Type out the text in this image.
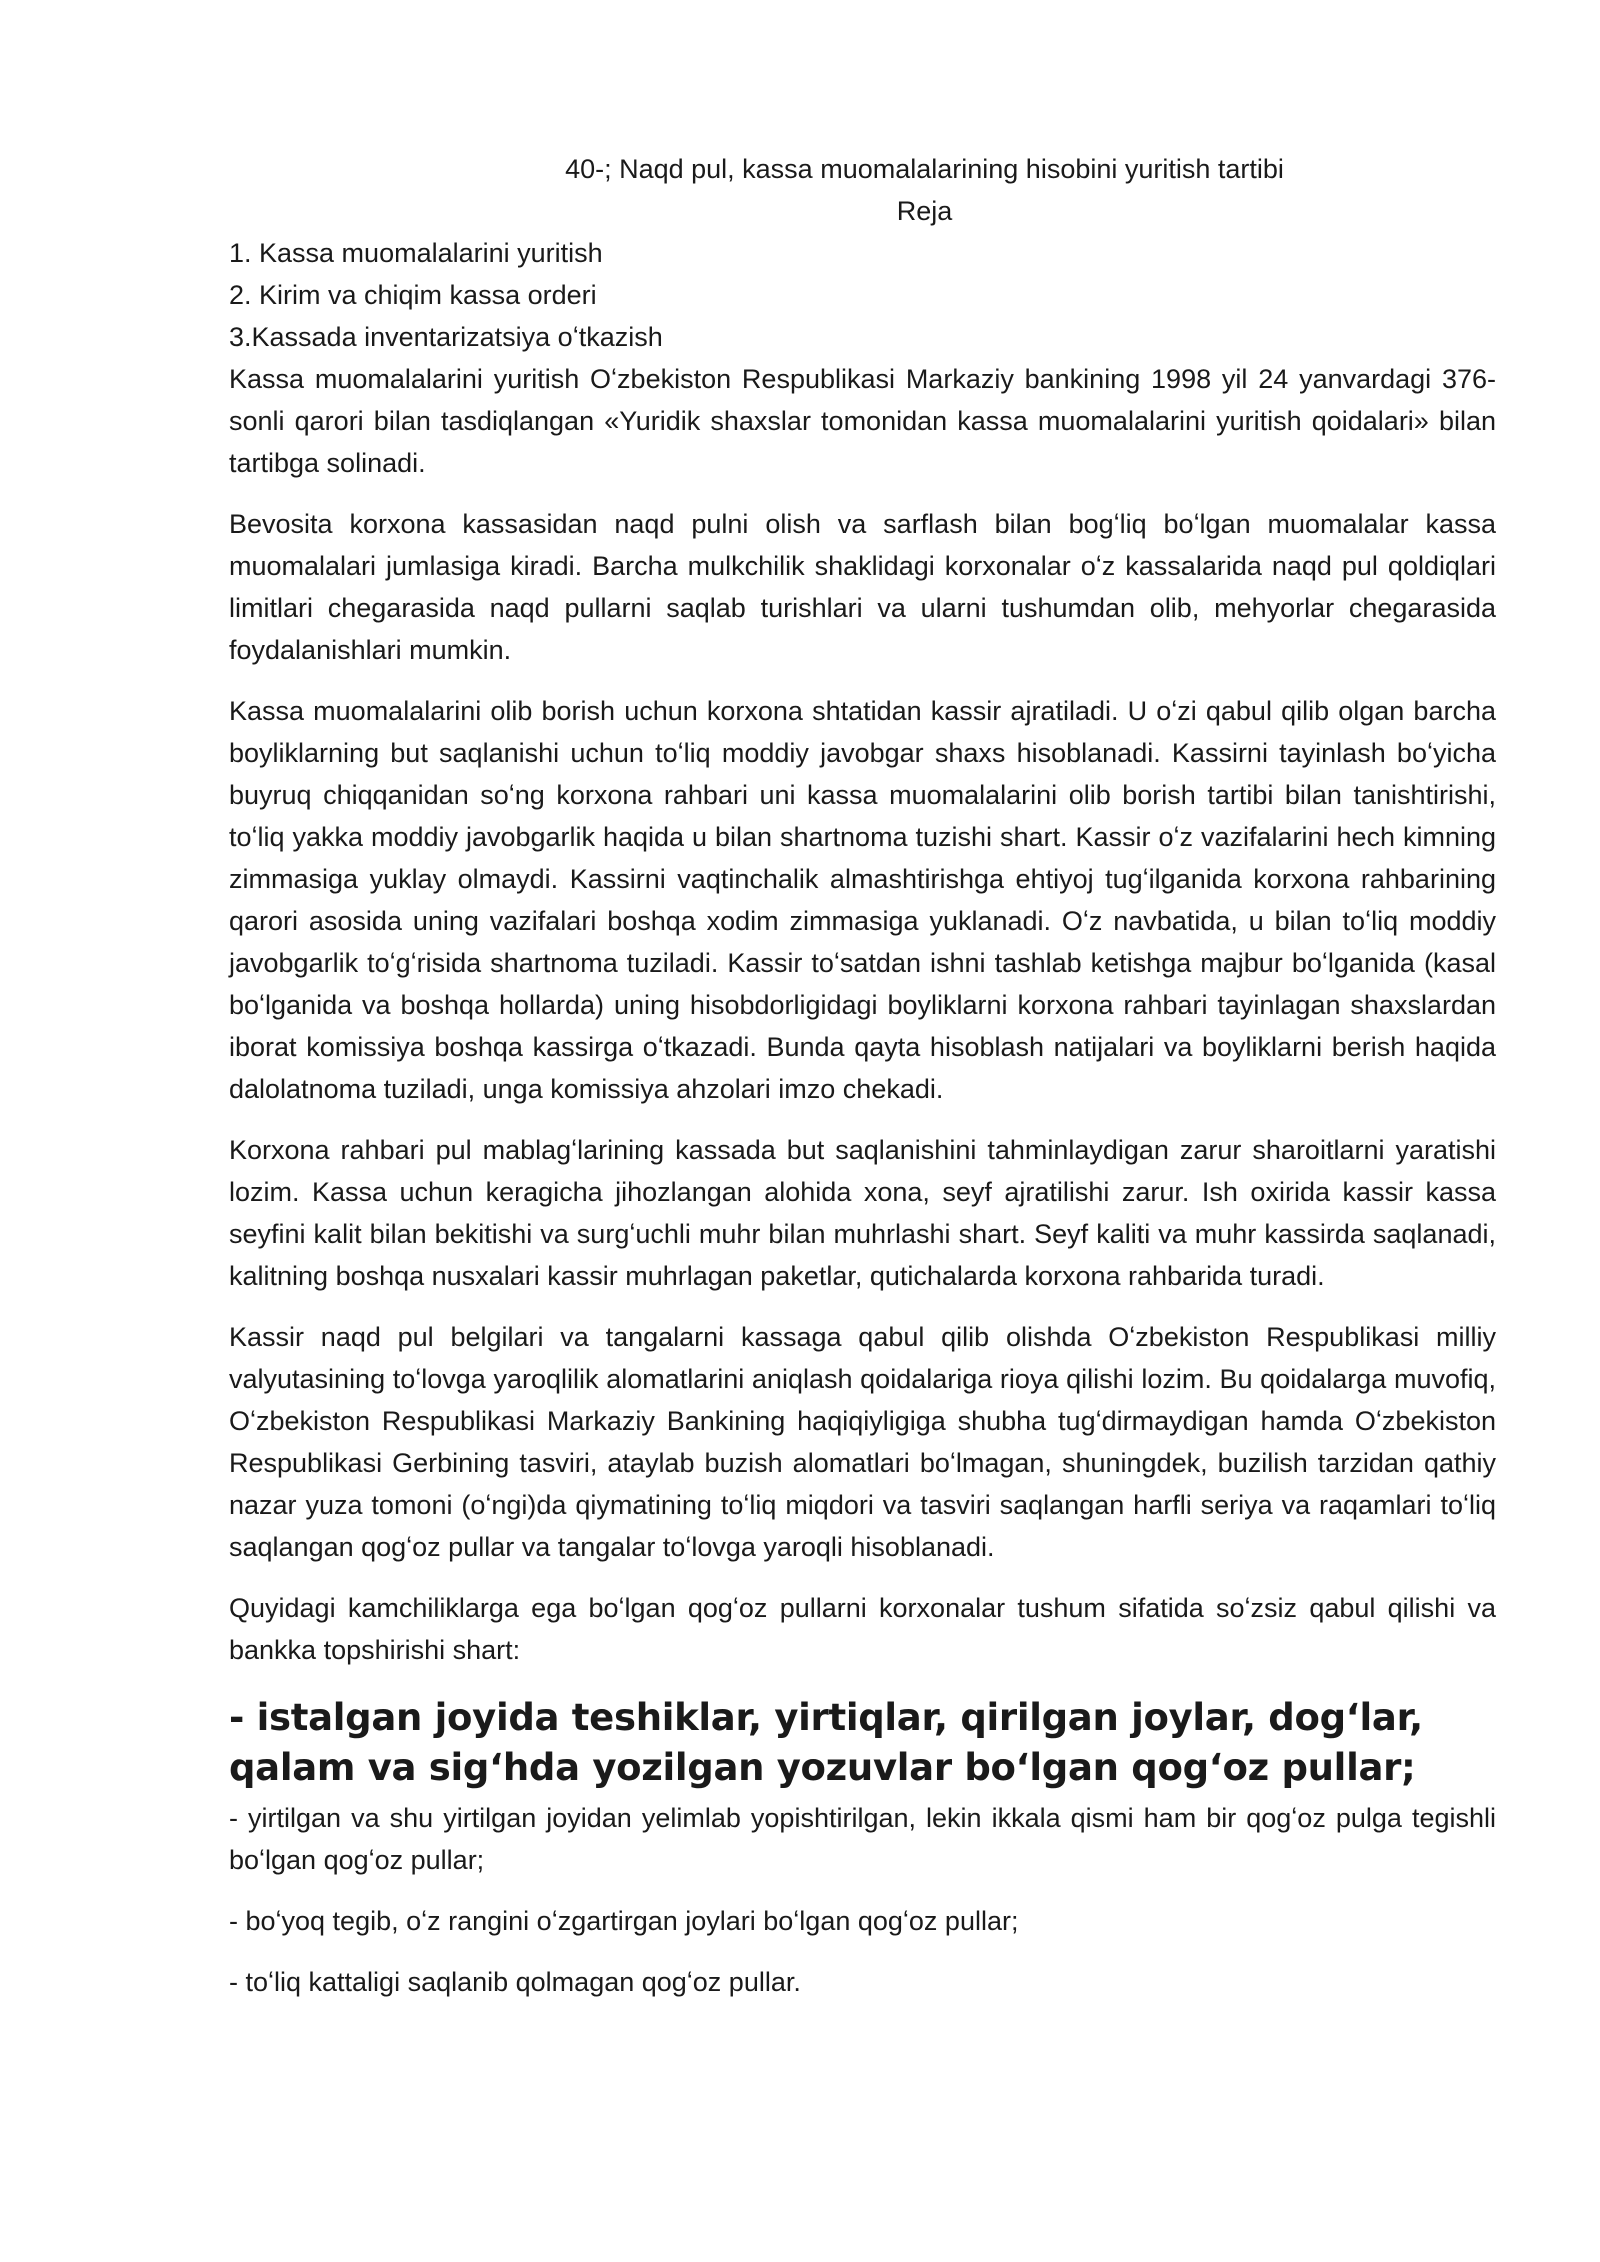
40-; Naqd pul, kassa muomalalarining hisobini yuritish tartibi

Reja

1. Kassa muomalalarini yuritish
2. Kirim va chiqim kassa orderi
3.Kassada inventarizatsiya oʻtkazish

Kassa muomalalarini yuritish Oʻzbekiston Respublikasi Markaziy bankining 1998 yil 24 yanvardagi 376-sonli qarori bilan tasdiqlangan «Yuridik shaxslar tomonidan kassa muomalalarini yuritish qoidalari» bilan tartibga solinadi.

Bevosita korxona kassasidan naqd pulni olish va sarflash bilan bogʻliq boʻlgan muomalalar kassa muomalalari jumlasiga kiradi. Barcha mulkchilik shaklidagi korxonalar oʻz kassalarida naqd pul qoldiqlari limitlari chegarasida naqd pullarni saqlab turishlari va ularni tushumdan olib, mehyorlar chegarasida foydalanishlari mumkin.

Kassa muomalalarini olib borish uchun korxona shtatidan kassir ajratiladi. U oʻzi qabul qilib olgan barcha boyliklarning but saqlanishi uchun toʻliq moddiy javobgar shaxs hisoblanadi. Kassirni tayinlash boʻyicha buyruq chiqqanidan soʻng korxona rahbari uni kassa muomalalarini olib borish tartibi bilan tanishtirishi, toʻliq yakka moddiy javobgarlik haqida u bilan shartnoma tuzishi shart. Kassir oʻz vazifalarini hech kimning zimmasiga yuklay olmaydi. Kassirni vaqtinchalik almashtirishga ehtiyoj tugʻilganida korxona rahbarining qarori asosida uning vazifalari boshqa xodim zimmasiga yuklanadi. Oʻz navbatida, u bilan toʻliq moddiy javobgarlik toʻgʻrisida shartnoma tuziladi. Kassir toʻsatdan ishni tashlab ketishga majbur boʻlganida (kasal boʻlganida va boshqa hollarda) uning hisobdorligidagi boyliklarni korxona rahbari tayinlagan shaxslardan iborat komissiya boshqa kassirga oʻtkazadi. Bunda qayta hisoblash natijalari va boyliklarni berish haqida dalolatnoma tuziladi, unga komissiya ahzolari imzo chekadi.

Korxona rahbari pul mablagʻlarining kassada but saqlanishini tahminlaydigan zarur sharoitlarni yaratishi lozim. Kassa uchun keragicha jihozlangan alohida xona, seyf ajratilishi zarur. Ish oxirida kassir kassa seyfini kalit bilan bekitishi va surgʻuchli muhr bilan muhrlashi shart. Seyf kaliti va muhr kassirda saqlanadi, kalitning boshqa nusxalari kassir muhrlagan paketlar, qutichalarda korxona rahbarida turadi.

Kassir naqd pul belgilari va tangalarni kassaga qabul qilib olishda Oʻzbekiston Respublikasi milliy valyutasining toʻlovga yaroqlilik alomatlarini aniqlash qoidalariga rioya qilishi lozim. Bu qoidalarga muvofiq, Oʻzbekiston Respublikasi Markaziy Bankining haqiqiyligiga shubha tugʻdirmaydigan hamda Oʻzbekiston Respublikasi Gerbining tasviri, ataylab buzish alomatlari boʻlmagan, shuningdek, buzilish tarzidan qathiy nazar yuza tomoni (oʻngi)da qiymatining toʻliq miqdori va tasviri saqlangan harfli seriya va raqamlari toʻliq saqlangan qogʻoz pullar va tangalar toʻlovga yaroqli hisoblanadi.

Quyidagi kamchiliklarga ega boʻlgan qogʻoz pullarni korxonalar tushum sifatida soʻzsiz qabul qilishi va bankka topshirishi shart:

- istalgan joyida teshiklar, yirtiqlar, qirilgan joylar, dogʻlar, qalam va sigʻhda yozilgan yozuvlar boʻlgan qogʻoz pullar;

- yirtilgan va shu yirtilgan joyidan yelimlab yopishtirilgan, lekin ikkala qismi ham bir qogʻoz pulga tegishli boʻlgan qogʻoz pullar;

- boʻyoq tegib, oʻz rangini oʻzgartirgan joylari boʻlgan qogʻoz pullar;

- toʻliq kattaligi saqlanib qolmagan qogʻoz pullar.
